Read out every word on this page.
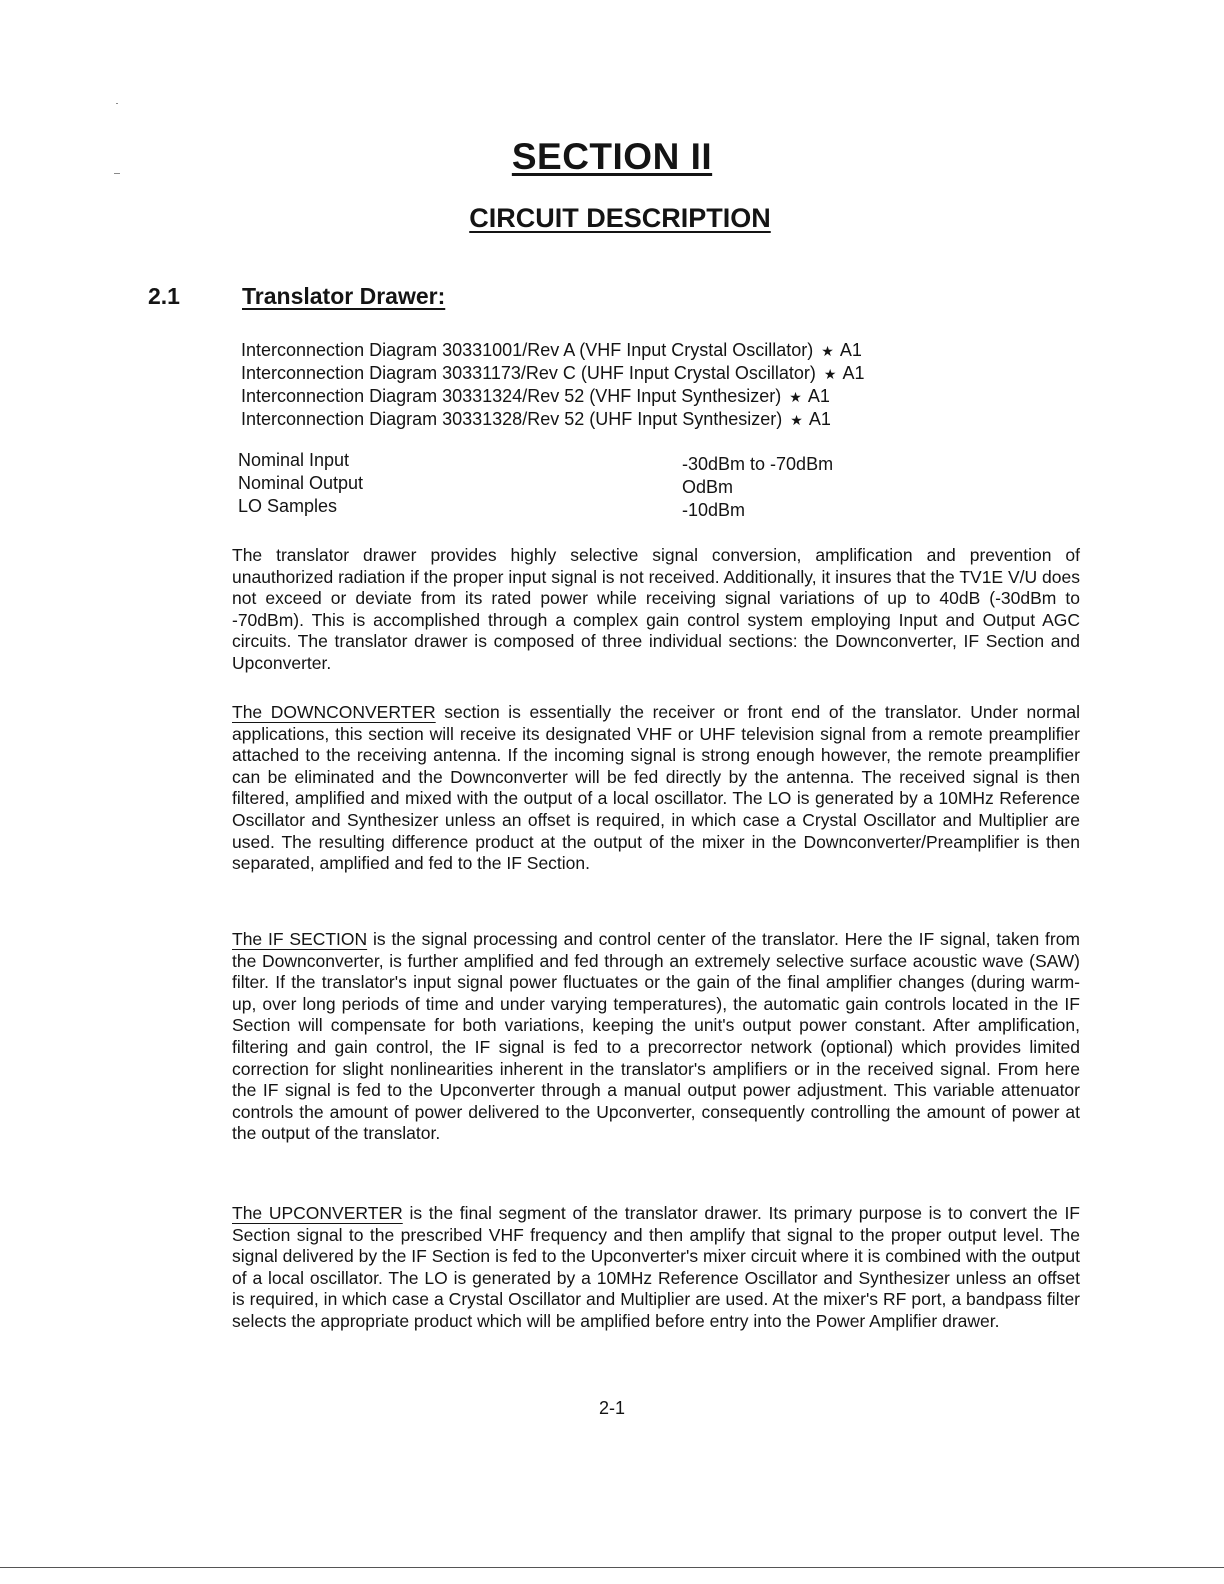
SECTION II
CIRCUIT DESCRIPTION
2.1	Translator Drawer:
Interconnection Diagram 30331001/Rev A (VHF Input Crystal Oscillator) ★ A1
Interconnection Diagram 30331173/Rev C (UHF Input Crystal Oscillator) ★ A1
Interconnection Diagram 30331324/Rev 52 (VHF Input Synthesizer) ★ A1
Interconnection Diagram 30331328/Rev 52 (UHF Input Synthesizer) ★ A1
Nominal Input	-30dBm to -70dBm
Nominal Output	OdBm
LO Samples	-10dBm

The translator drawer provides highly selective signal conversion, amplification and prevention of unauthorized radiation if the proper input signal is not received. Additionally, it insures that the TV1E V/U does not exceed or deviate from its rated power while receiving signal variations of up to 40dB (-30dBm to -70dBm). This is accomplished through a complex gain control system employing Input and Output AGC circuits. The translator drawer is composed of three individual sections: the Downconverter, IF Section and Upconverter.

The DOWNCONVERTER section is essentially the receiver or front end of the translator. Under normal applications, this section will receive its designated VHF or UHF television signal from a remote preamplifier attached to the receiving antenna. If the incoming signal is strong enough however, the remote preamplifier can be eliminated and the Downconverter will be fed directly by the antenna. The received signal is then filtered, amplified and mixed with the output of a local oscillator. The LO is generated by a 10MHz Reference Oscillator and Synthesizer unless an offset is required, in which case a Crystal Oscillator and Multiplier are used. The resulting difference product at the output of the mixer in the Downconverter/Preamplifier is then separated, amplified and fed to the IF Section.

The IF SECTION is the signal processing and control center of the translator. Here the IF signal, taken from the Downconverter, is further amplified and fed through an extremely selective surface acoustic wave (SAW) filter. If the translator's input signal power fluctuates or the gain of the final amplifier changes (during warm-up, over long periods of time and under varying temperatures), the automatic gain controls located in the IF Section will compensate for both variations, keeping the unit's output power constant. After amplification, filtering and gain control, the IF signal is fed to a precorrector network (optional) which provides limited correction for slight nonlinearities inherent in the translator's amplifiers or in the received signal. From here the IF signal is fed to the Upconverter through a manual output power adjustment. This variable attenuator controls the amount of power delivered to the Upconverter, consequently controlling the amount of power at the output of the translator.

The UPCONVERTER is the final segment of the translator drawer. Its primary purpose is to convert the IF Section signal to the prescribed VHF frequency and then amplify that signal to the proper output level. The signal delivered by the IF Section is fed to the Upconverter's mixer circuit where it is combined with the output of a local oscillator. The LO is generated by a 10MHz Reference Oscillator and Synthesizer unless an offset is required, in which case a Crystal Oscillator and Multiplier are used. At the mixer's RF port, a bandpass filter selects the appropriate product which will be amplified before entry into the Power Amplifier drawer.

2-1
